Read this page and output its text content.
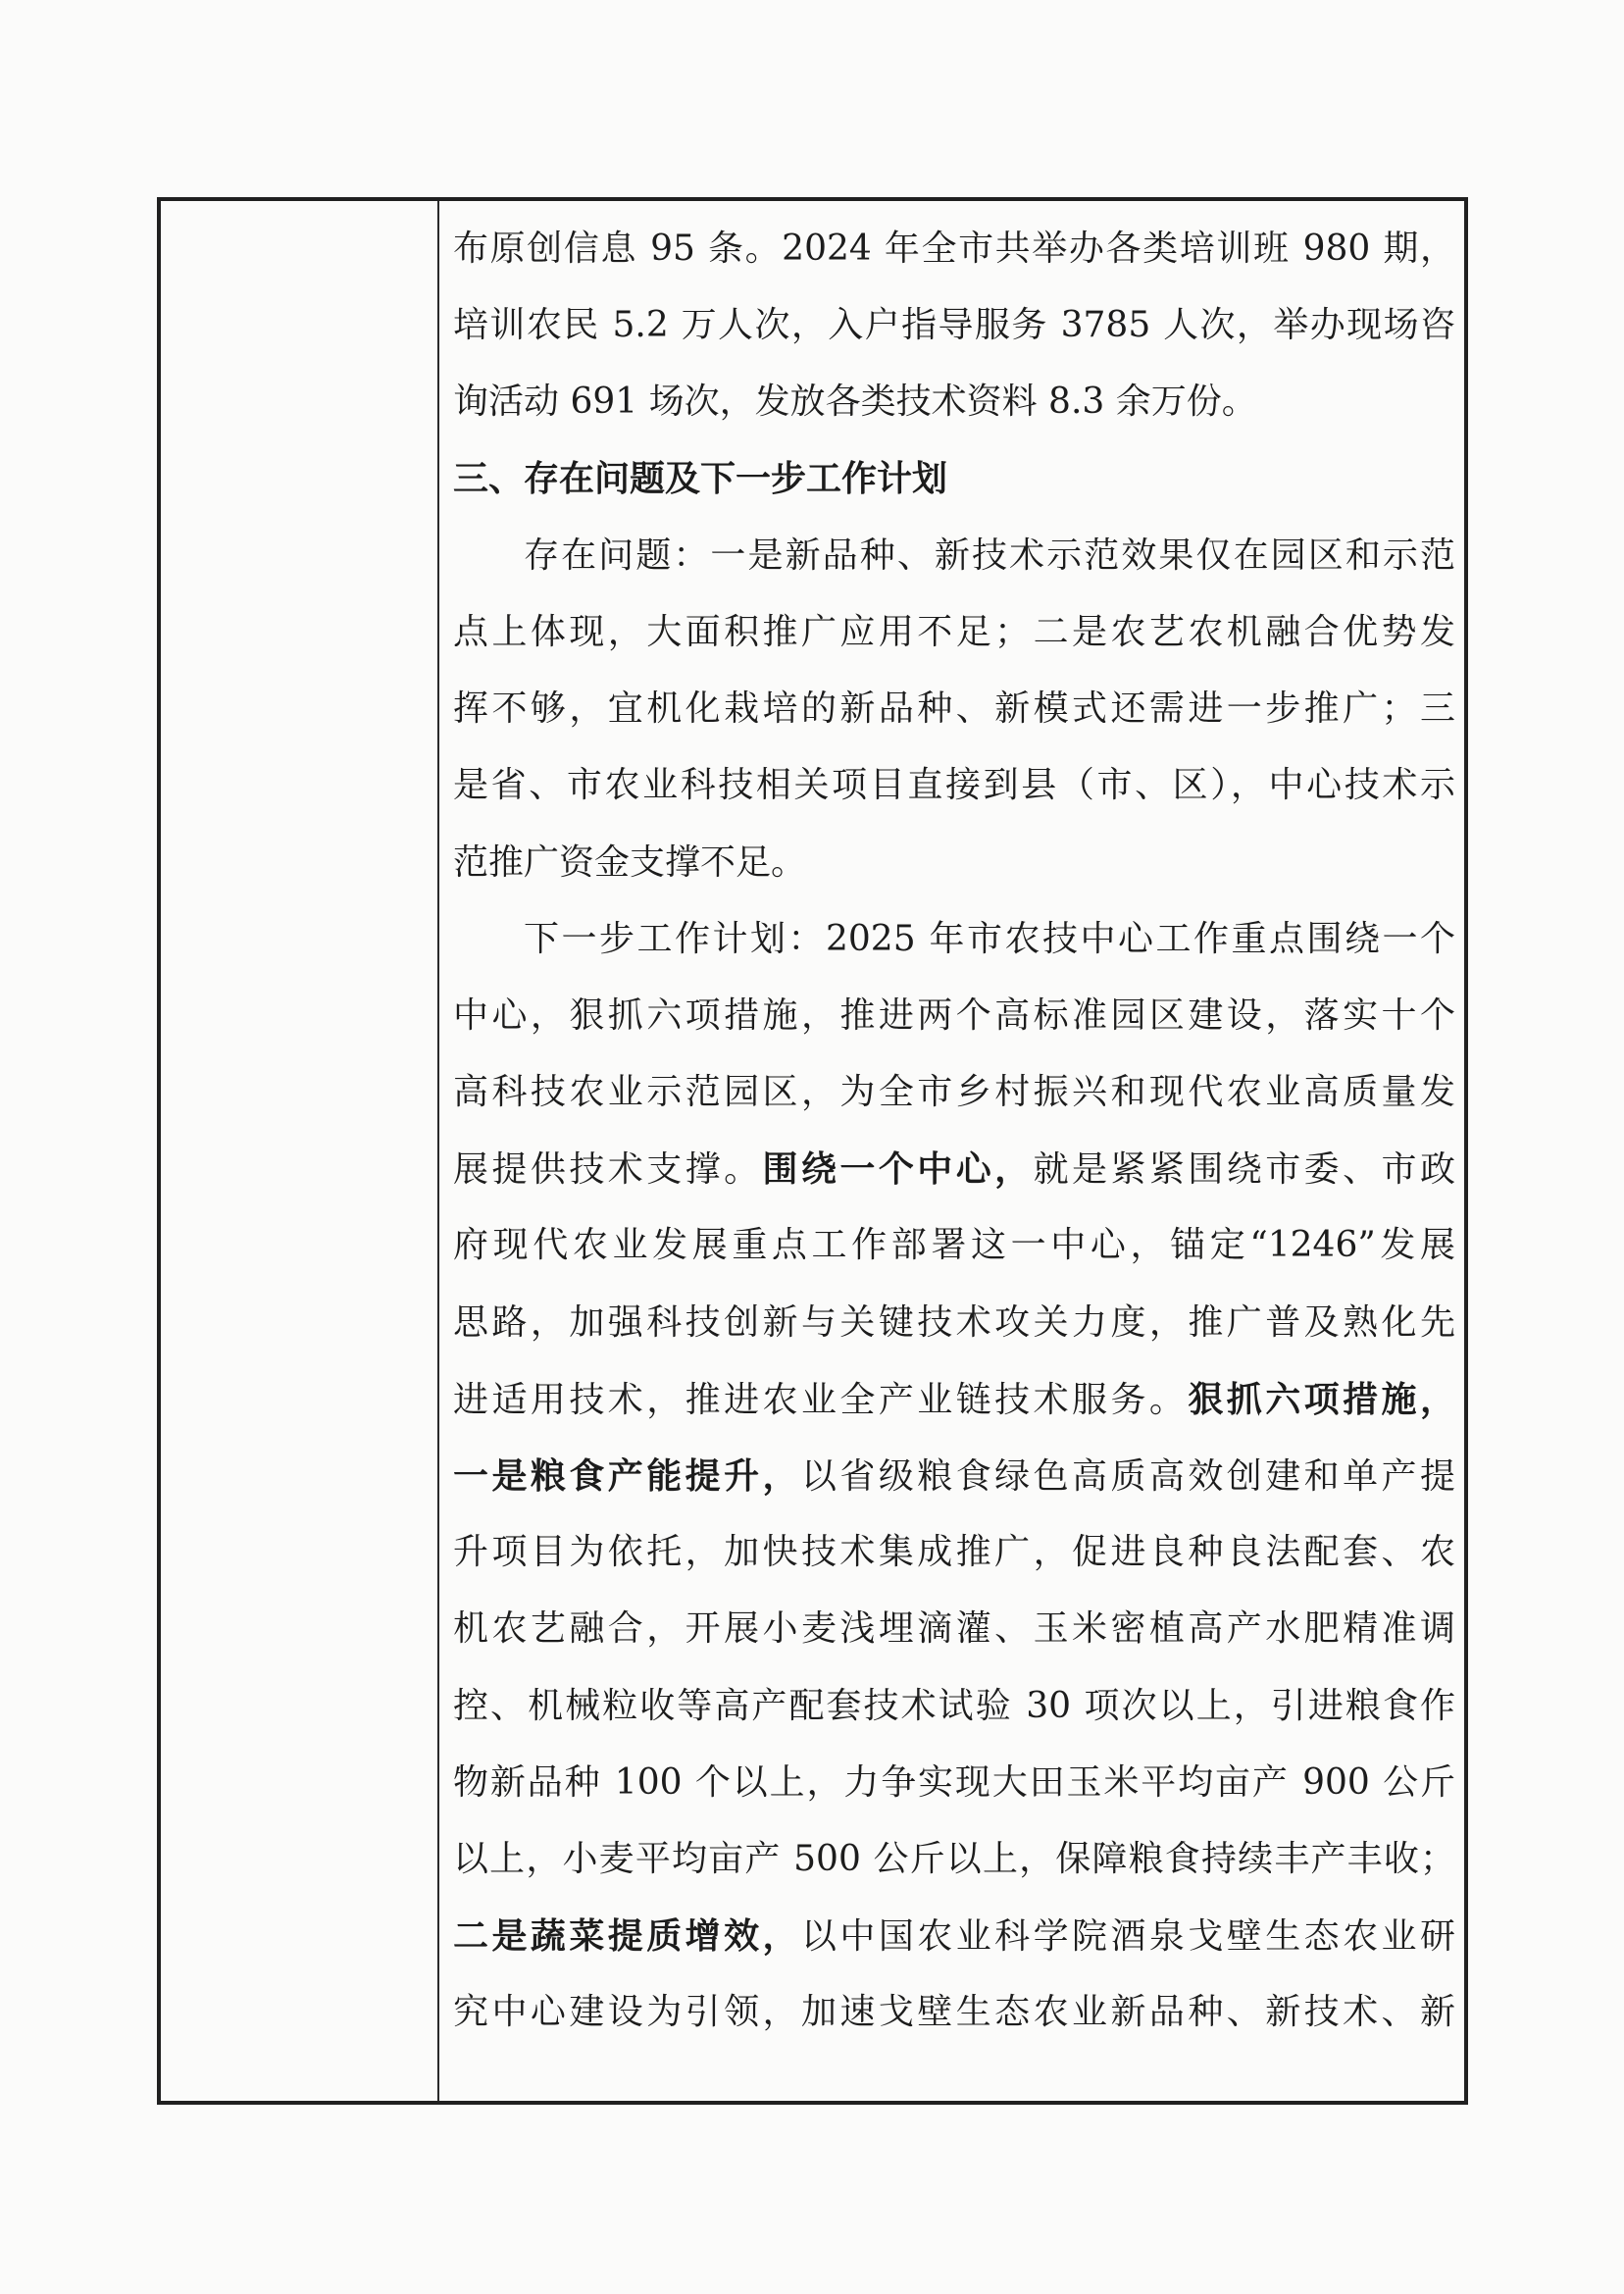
布原创信息 95 条。2024 年全市共举办各类培训班 980 期，
培训农民 5.2 万人次，入户指导服务 3785 人次，举办现场咨
询活动 691 场次，发放各类技术资料 8.3 余万份。
三、存在问题及下一步工作计划
存在问题：一是新品种、新技术示范效果仅在园区和示范
点上体现，大面积推广应用不足；二是农艺农机融合优势发
挥不够，宜机化栽培的新品种、新模式还需进一步推广；三
是省、市农业科技相关项目直接到县（市、区），中心技术示
范推广资金支撑不足。
下一步工作计划：2025 年市农技中心工作重点围绕一个
中心，狠抓六项措施，推进两个高标准园区建设，落实十个
高科技农业示范园区，为全市乡村振兴和现代农业高质量发
展提供技术支撑。围绕一个中心，就是紧紧围绕市委、市政
府现代农业发展重点工作部署这一中心，锚定“1246”发展
思路，加强科技创新与关键技术攻关力度，推广普及熟化先
进适用技术，推进农业全产业链技术服务。狠抓六项措施，
一是粮食产能提升，以省级粮食绿色高质高效创建和单产提
升项目为依托，加快技术集成推广，促进良种良法配套、农
机农艺融合，开展小麦浅埋滴灌、玉米密植高产水肥精准调
控、机械粒收等高产配套技术试验 30 项次以上，引进粮食作
物新品种 100 个以上，力争实现大田玉米平均亩产 900 公斤
以上，小麦平均亩产 500 公斤以上，保障粮食持续丰产丰收；
二是蔬菜提质增效，以中国农业科学院酒泉戈壁生态农业研
究中心建设为引领，加速戈壁生态农业新品种、新技术、新
